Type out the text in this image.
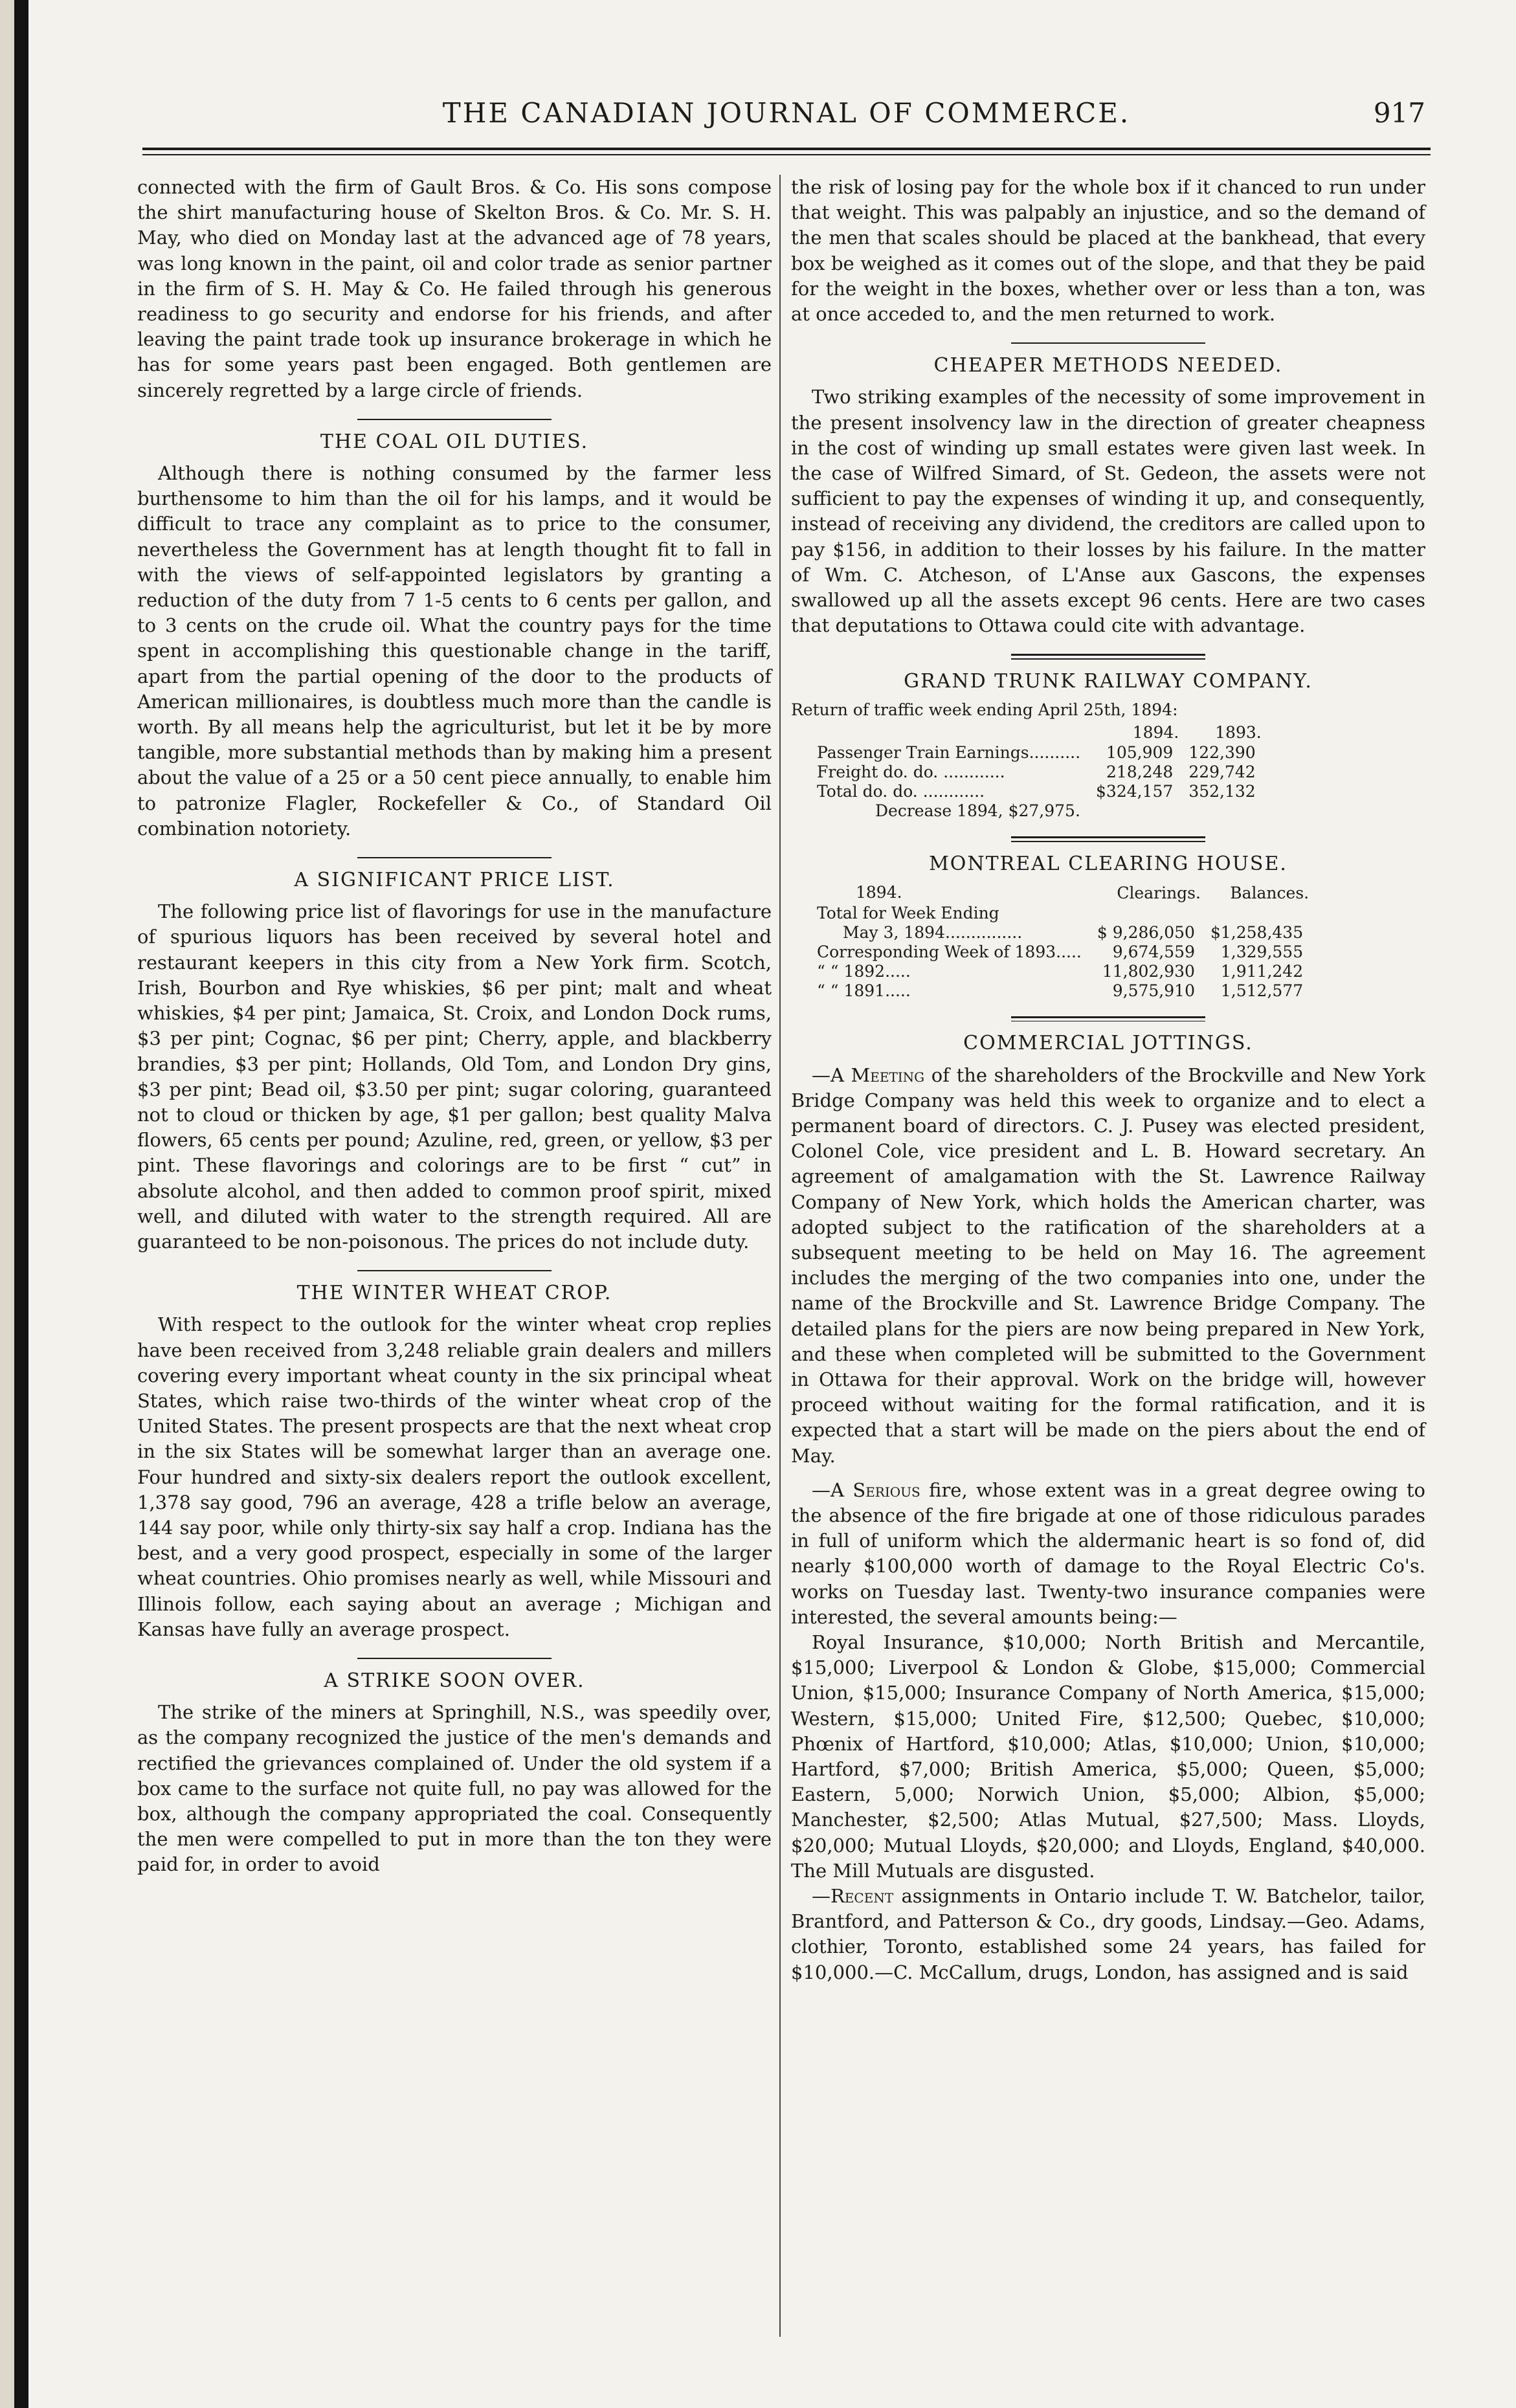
THE CANADIAN JOURNAL OF COMMERCE.	917

connected with the firm of Gault Bros. & Co. His sons compose the shirt manufacturing house of Skelton Bros. & Co. Mr. S. H. May, who died on Monday last at the advanced age of 78 years, was long known in the paint, oil and color trade as senior partner in the firm of S. H. May & Co. He failed through his generous readiness to go security and endorse for his friends, and after leaving the paint trade took up insurance brokerage in which he has for some years past been engaged. Both gentlemen are sincerely regretted by a large circle of friends.

THE COAL OIL DUTIES.

Although there is nothing consumed by the farmer less burthensome to him than the oil for his lamps, and it would be difficult to trace any complaint as to price to the consumer, nevertheless the Government has at length thought fit to fall in with the views of self-appointed legislators by granting a reduction of the duty from 7 1-5 cents to 6 cents per gallon, and to 3 cents on the crude oil. What the country pays for the time spent in accomplishing this questionable change in the tariff, apart from the partial opening of the door to the products of American millionaires, is doubtless much more than the candle is worth. By all means help the agriculturist, but let it be by more tangible, more substantial methods than by making him a present about the value of a 25 or a 50 cent piece annually, to enable him to patronize Flagler, Rockefeller & Co., of Standard Oil combination notoriety.

A SIGNIFICANT PRICE LIST.

The following price list of flavorings for use in the manufacture of spurious liquors has been received by several hotel and restaurant keepers in this city from a New York firm. Scotch, Irish, Bourbon and Rye whiskies, $6 per pint; malt and wheat whiskies, $4 per pint; Jamaica, St. Croix, and London Dock rums, $3 per pint; Cognac, $6 per pint; Cherry, apple, and blackberry brandies, $3 per pint; Hollands, Old Tom, and London Dry gins, $3 per pint; Bead oil, $3.50 per pint; sugar coloring, guaranteed not to cloud or thicken by age, $1 per gallon; best quality Malva flowers, 65 cents per pound; Azuline, red, green, or yellow, $3 per pint. These flavorings and colorings are to be first “ cut” in absolute alcohol, and then added to common proof spirit, mixed well, and diluted with water to the strength required. All are guaranteed to be non-poisonous. The prices do not include duty.

THE WINTER WHEAT CROP.

With respect to the outlook for the winter wheat crop replies have been received from 3,248 reliable grain dealers and millers covering every important wheat county in the six principal wheat States, which raise two-thirds of the winter wheat crop of the United States. The present prospects are that the next wheat crop in the six States will be somewhat larger than an average one. Four hundred and sixty-six dealers report the outlook excellent, 1,378 say good, 796 an average, 428 a trifle below an average, 144 say poor, while only thirty-six say half a crop. Indiana has the best, and a very good prospect, especially in some of the larger wheat countries. Ohio promises nearly as well, while Missouri and Illinois follow, each saying about an average ; Michigan and Kansas have fully an average prospect.

A STRIKE SOON OVER.

The strike of the miners at Springhill, N.S., was speedily over, as the company recognized the justice of the men's demands and rectified the grievances complained of. Under the old system if a box came to the surface not quite full, no pay was allowed for the box, although the company appropriated the coal. Consequently the men were compelled to put in more than the ton they were paid for, in order to avoid

the risk of losing pay for the whole box if it chanced to run under that weight. This was palpably an injustice, and so the demand of the men that scales should be placed at the bankhead, that every box be weighed as it comes out of the slope, and that they be paid for the weight in the boxes, whether over or less than a ton, was at once acceded to, and the men returned to work.

CHEAPER METHODS NEEDED.

Two striking examples of the necessity of some improvement in the present insolvency law in the direction of greater cheapness in the cost of winding up small estates were given last week. In the case of Wilfred Simard, of St. Gedeon, the assets were not sufficient to pay the expenses of winding it up, and consequently, instead of receiving any dividend, the creditors are called upon to pay $156, in addition to their losses by his failure. In the matter of Wm. C. Atcheson, of L'Anse aux Gascons, the expenses swallowed up all the assets except 96 cents. Here are two cases that deputations to Ottawa could cite with advantage.

GRAND TRUNK RAILWAY COMPANY.
Return of traffic week ending April 25th, 1894:
	1894.	1893.
Passenger Train Earnings..........	105,909	122,390
Freight do. do. ............	218,248	229,742
Total do. do. ............	$324,157	352,132
Decrease 1894, $27,975.		
MONTREAL CLEARING HOUSE.
1894.	Clearings.	Balances.
Total for Week Ending		
May 3, 1894...............	$ 9,286,050	$1,258,435
Corresponding Week of 1893.....	9,674,559	1,329,555
“ “ 1892.....	11,802,930	1,911,242
“ “ 1891.....	9,575,910	1,512,577
COMMERCIAL JOTTINGS.

—A Meeting of the shareholders of the Brockville and New York Bridge Company was held this week to organize and to elect a permanent board of directors. C. J. Pusey was elected president, Colonel Cole, vice president and L. B. Howard secretary. An agreement of amalgamation with the St. Lawrence Railway Company of New York, which holds the American charter, was adopted subject to the ratification of the shareholders at a subsequent meeting to be held on May 16. The agreement includes the merging of the two companies into one, under the name of the Brockville and St. Lawrence Bridge Company. The detailed plans for the piers are now being prepared in New York, and these when completed will be submitted to the Government in Ottawa for their approval. Work on the bridge will, however proceed without waiting for the formal ratification, and it is expected that a start will be made on the piers about the end of May.

—A Serious fire, whose extent was in a great degree owing to the absence of the fire brigade at one of those ridiculous parades in full of uniform which the aldermanic heart is so fond of, did nearly $100,000 worth of damage to the Royal Electric Co's. works on Tuesday last. Twenty-two insurance companies were interested, the several amounts being:—

Royal Insurance, $10,000; North British and Mercantile, $15,000; Liverpool & London & Globe, $15,000; Commercial Union, $15,000; Insurance Company of North America, $15,000; Western, $15,000; United Fire, $12,500; Quebec, $10,000; Phœnix of Hartford, $10,000; Atlas, $10,000; Union, $10,000; Hartford, $7,000; British America, $5,000; Queen, $5,000; Eastern, 5,000; Norwich Union, $5,000; Albion, $5,000; Manchester, $2,500; Atlas Mutual, $27,500; Mass. Lloyds, $20,000; Mutual Lloyds, $20,000; and Lloyds, England, $40,000. The Mill Mutuals are disgusted.

—Recent assignments in Ontario include T. W. Batchelor, tailor, Brantford, and Patterson & Co., dry goods, Lindsay.—Geo. Adams, clothier, Toronto, established some 24 years, has failed for $10,000.—C. McCallum, drugs, London, has assigned and is said
